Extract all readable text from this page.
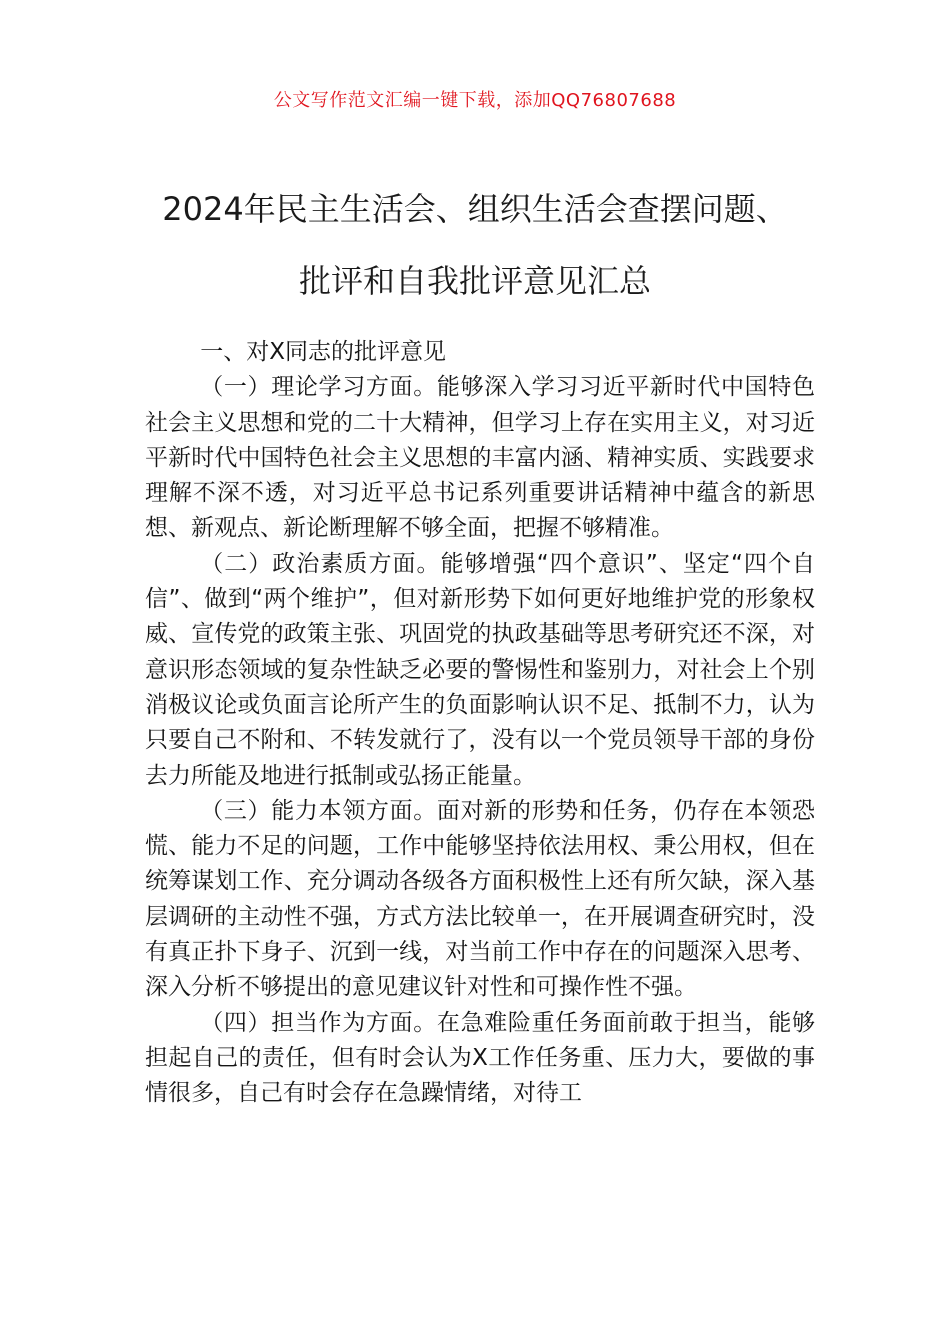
公文写作范文汇编一键下载，添加QQ76807688
2024年民主生活会、组织生活会查摆问题、
批评和自我批评意见汇总

一、对X同志的批评意见

（一）理论学习方面。能够深入学习习近平新时代中国特色社会主义思想和党的二十大精神，但学习上存在实用主义，对习近平新时代中国特色社会主义思想的丰富内涵、精神实质、实践要求理解不深不透，对习近平总书记系列重要讲话精神中蕴含的新思想、新观点、新论断理解不够全面，把握不够精准。

（二）政治素质方面。能够增强“四个意识”、坚定“四个自信”、做到“两个维护”，但对新形势下如何更好地维护党的形象权威、宣传党的政策主张、巩固党的执政基础等思考研究还不深，对意识形态领域的复杂性缺乏必要的警惕性和鉴别力，对社会上个别消极议论或负面言论所产生的负面影响认识不足、抵制不力，认为只要自己不附和、不转发就行了，没有以一个党员领导干部的身份去力所能及地进行抵制或弘扬正能量。

（三）能力本领方面。面对新的形势和任务，仍存在本领恐慌、能力不足的问题，工作中能够坚持依法用权、秉公用权，但在统筹谋划工作、充分调动各级各方面积极性上还有所欠缺，深入基层调研的主动性不强，方式方法比较单一，在开展调查研究时，没有真正扑下身子、沉到一线，对当前工作中存在的问题深入思考、深入分析不够提出的意见建议针对性和可操作性不强。

（四）担当作为方面。在急难险重任务面前敢于担当，能够担起自己的责任，但有时会认为X工作任务重、压力大，要做的事情很多，自己有时会存在急躁情绪，对待工
